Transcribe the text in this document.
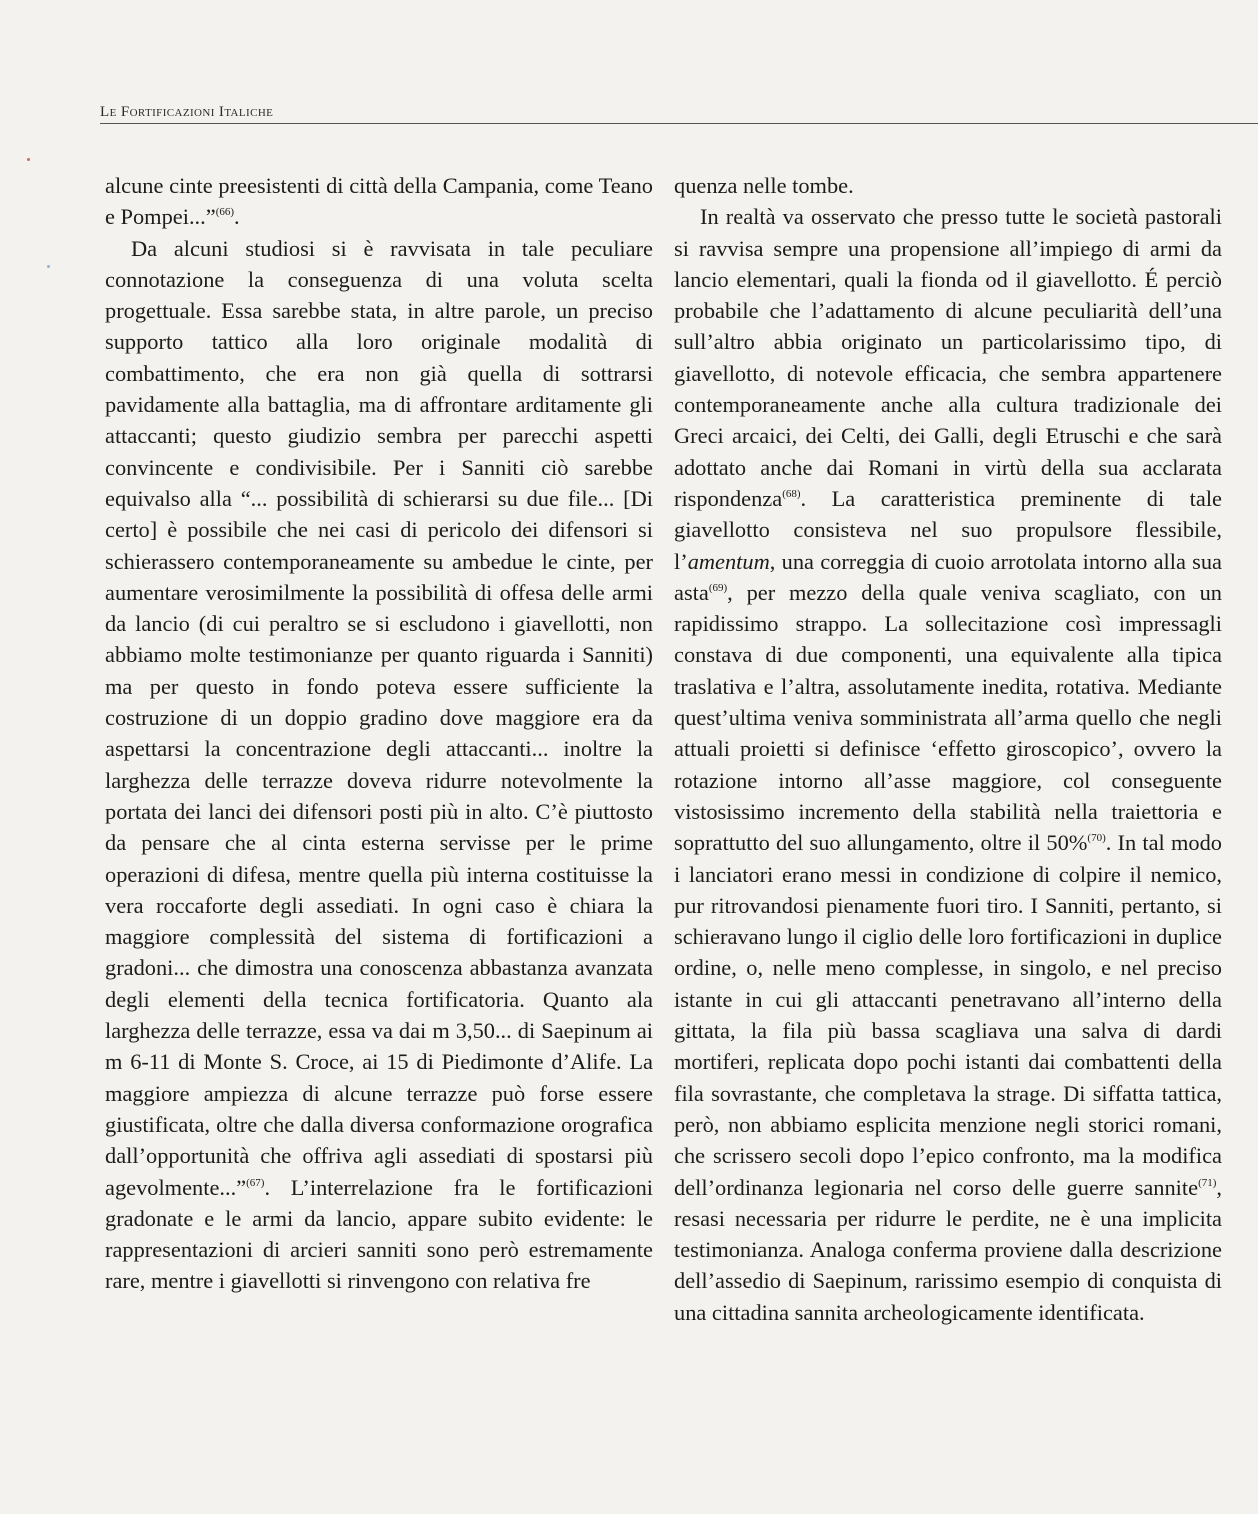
Le Fortificazioni Italiche

alcune cinte preesistenti di città della Campania, come Teano e Pompei...”$^{(66)}$.

Da alcuni studiosi si è ravvisata in tale peculiare connotazione la conseguenza di una voluta scelta progettuale. Essa sarebbe stata, in altre parole, un preciso supporto tattico alla loro originale modalità di combattimento, che era non già quella di sottrarsi pavidamente alla battaglia, ma di affrontare arditamente gli attaccanti; questo giudizio sembra per parecchi aspetti convincente e condivisibile. Per i Sanniti ciò sarebbe equivalso alla “... possibilità di schierarsi su due file... [Di certo] è possibile che nei casi di pericolo dei difensori si schierassero contemporaneamente su ambedue le cinte, per aumentare verosimilmente la possibilità di offesa delle armi da lancio (di cui peraltro se si escludono i giavellotti, non abbiamo molte testimonianze per quanto riguarda i Sanniti) ma per questo in fondo poteva essere sufficiente la costruzione di un doppio gradino dove maggiore era da aspettarsi la concentrazione degli attaccanti... inoltre la larghezza delle terrazze doveva ridurre notevolmente la portata dei lanci dei difensori posti più in alto. C’è piuttosto da pensare che al cinta esterna servisse per le prime operazioni di difesa, mentre quella più interna costituisse la vera roccaforte degli assediati. In ogni caso è chiara la maggiore complessità del sistema di fortificazioni a gradoni... che dimostra una conoscenza abbastanza avanzata degli elementi della tecnica fortificatoria. Quanto ala larghezza delle terrazze, essa va dai m 3,50... di Saepinum ai m 6-11 di Monte S. Croce, ai 15 di Piedimonte d’Alife. La maggiore ampiezza di alcune terrazze può forse essere giustificata, oltre che dalla diversa conformazione orografica dall’opportunità che offriva agli assediati di spostarsi più agevolmente...”$^{(67)}$. L’interrelazione fra le fortificazioni gradonate e le armi da lancio, appare subito evidente: le rappresentazioni di arcieri sanniti sono però estremamente rare, mentre i giavellotti si rinvengono con relativa fre

quenza nelle tombe.

In realtà va osservato che presso tutte le società pastorali si ravvisa sempre una propensione all’impiego di armi da lancio elementari, quali la fionda od il giavellotto. É perciò probabile che l’adattamento di alcune peculiarità dell’una sull’altro abbia originato un particolarissimo tipo, di giavellotto, di notevole efficacia, che sembra appartenere contemporaneamente anche alla cultura tradizionale dei Greci arcaici, dei Celti, dei Galli, degli Etruschi e che sarà adottato anche dai Romani in virtù della sua acclarata rispondenza$^{(68)}$. La caratteristica preminente di tale giavellotto consisteva nel suo propulsore flessibile, l’amentum, una correggia di cuoio arrotolata intorno alla sua asta$^{(69)}$, per mezzo della quale veniva scagliato, con un rapidissimo strappo. La sollecitazione così impressagli constava di due componenti, una equivalente alla tipica traslativa e l’altra, assolutamente inedita, rotativa. Mediante quest’ultima veniva somministrata all’arma quello che negli attuali proietti si definisce ‘effetto giroscopico’, ovvero la rotazione intorno all’asse maggiore, col conseguente vistosissimo incremento della stabilità nella traiettoria e soprattutto del suo allungamento, oltre il 50%$^{(70)}$. In tal modo i lanciatori erano messi in condizione di colpire il nemico, pur ritrovandosi pienamente fuori tiro. I Sanniti, pertanto, si schieravano lungo il ciglio delle loro fortificazioni in duplice ordine, o, nelle meno complesse, in singolo, e nel preciso istante in cui gli attaccanti penetravano all’interno della gittata, la fila più bassa scagliava una salva di dardi mortiferi, replicata dopo pochi istanti dai combattenti della fila sovrastante, che completava la strage. Di siffatta tattica, però, non abbiamo esplicita menzione negli storici romani, che scrissero secoli dopo l’epico confronto, ma la modifica dell’ordinanza legionaria nel corso delle guerre sannite$^{(71)}$, resasi necessaria per ridurre le perdite, ne è una implicita testimonianza. Analoga conferma proviene dalla descrizione dell’assedio di Saepinum, rarissimo esempio di conquista di una cittadina sannita archeologicamente identificata.
